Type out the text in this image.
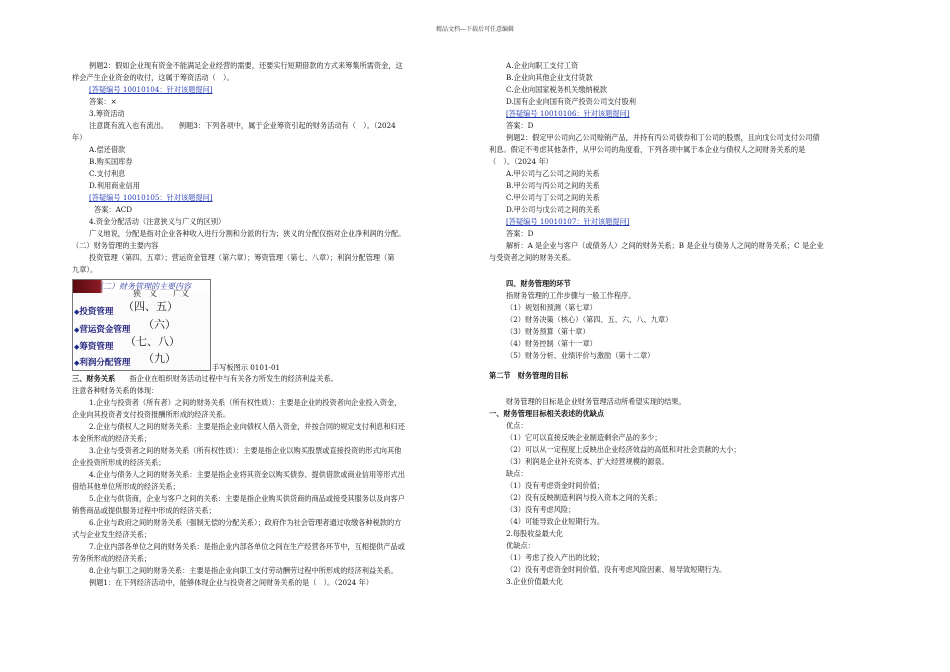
精品文档---下载后可任意编辑
例题2：假如企业现有资金不能满足企业经营的需要，还要实行短期借款的方式来筹集所需资金，这
样会产生企业资金的收付，这属于筹资活动（　）。
[答疑编号 10010104：针对该题提问]
答案：×
3.筹资活动
注意既有流入也有流出。　　例题3：下列各项中，属于企业筹资引起的财务活动有（　）。（2024
年）
A.偿还借款
B.购买国库券
C.支付利息
D.利用商业信用
[答疑编号 10010105：针对该题提问]
答案：ACD
4.资金分配活动（注意狭义与广义的区别）
广义地说，分配是指对企业各种收入进行分割和分派的行为；狭义的分配仅指对企业净利润的分配。
（二）财务管理的主要内容
投资管理（第四、五章）；营运资金管理（第六章）；筹资管理（第七、八章）；利润分配管理（第
九章）。
（二）财务管理的主要内容
狭　义　　广义
◆投资管理 （四、五）
◆营运资金管理 （六）
◆筹资管理 （七、八）
◆利润分配管理 （九）
手写板图示 0101-01
三、财务关系　　 指企业在组织财务活动过程中与有关各方所发生的经济利益关系。
注意各种财务关系的体现：
1.企业与投资者（所有者）之间的财务关系（所有权性质）：主要是企业的投资者向企业投入资金，
企业向其投资者支付投资报酬所形成的经济关系。
2.企业与债权人之间的财务关系：主要是指企业向债权人借入资金，并按合同的规定支付利息和归还
本金所形成的经济关系；
3.企业与受资者之间的财务关系（所有权性质）：主要是指企业以购买股票或直接投资的形式向其他
企业投资所形成的经济关系；
4.企业与债务人之间的财务关系：主要是指企业将其资金以购买债券、提供借款或商业信用等形式出
借给其他单位所形成的经济关系；
5.企业与供货商，企业与客户之间的关系：主要是指企业购买供货商的商品或接受其服务以及向客户
销售商品或提供服务过程中形成的经济关系；
6.企业与政府之间的财务关系（强制无偿的分配关系）；政府作为社会管理者通过收缴各种税款的方
式与企业发生经济关系；
7.企业内部各单位之间的财务关系：是指企业内部各单位之间在生产经营各环节中，互相提供产品或
劳务所形成的经济关系；
8.企业与职工之间的财务关系：主要是指企业向职工支付劳动酬劳过程中所形成的经济利益关系。
例题1：在下列经济活动中，能够体现企业与投资者之间财务关系的是（　）。（2024 年）
A.企业向职工支付工资
B.企业向其他企业支付货款
C.企业向国家税务机关缴纳税款
D.国有企业向国有资产投资公司支付股利
[答疑编号 10010106：针对该题提问]
答案：D
例题2：假定甲公司向乙公司赊销产品，并持有丙公司债券和丁公司的股票，且向戊公司支付公司债
利息。假定不考虑其他条件，从甲公司的角度看，下列各项中属于本企业与债权人之间财务关系的是
（　）。（2024 年）
A.甲公司与乙公司之间的关系
B.甲公司与丙公司之间的关系
C.甲公司与丁公司之间的关系
D.甲公司与戊公司之间的关系
[答疑编号 10010107：针对该题提问]
答案：D
解析：A 是企业与客户（或债务人）之间的财务关系；B 是企业与债务人之间的财务关系；C 是企业
与受资者之间的财务关系。
四、财务管理的环节
指财务管理的工作步骤与一般工作程序。
（1）规划和预测（第七章）
（2）财务决策（核心）（第四、五、六、八、九章）
（3）财务预算（第十章）
（4）财务控制（第十一章）
（5）财务分析、业绩评价与激励（第十二章）
第二节　财务管理的目标
财务管理的目标是企业财务管理活动所希望实现的结果。
一、财务管理目标相关表述的优缺点
优点：
（1）它可以直接反映企业制造剩余产品的多少；
（2）可以从一定程度上反映出企业经济效益的高低和对社会贡献的大小；
（3）利润是企业补充资本、扩大经营规模的源泉。
缺点：
（1）没有考虑资金时间价值；
（2）没有反映制造利润与投入资本之间的关系；
（3）没有考虑风险；
（4）可能导致企业短期行为。
2.每股收益最大化
优缺点：
（1）考虑了投入产出的比较；
（2）没有考虑资金时间价值、没有考虑风险因素、易导致短期行为。
3.企业价值最大化
